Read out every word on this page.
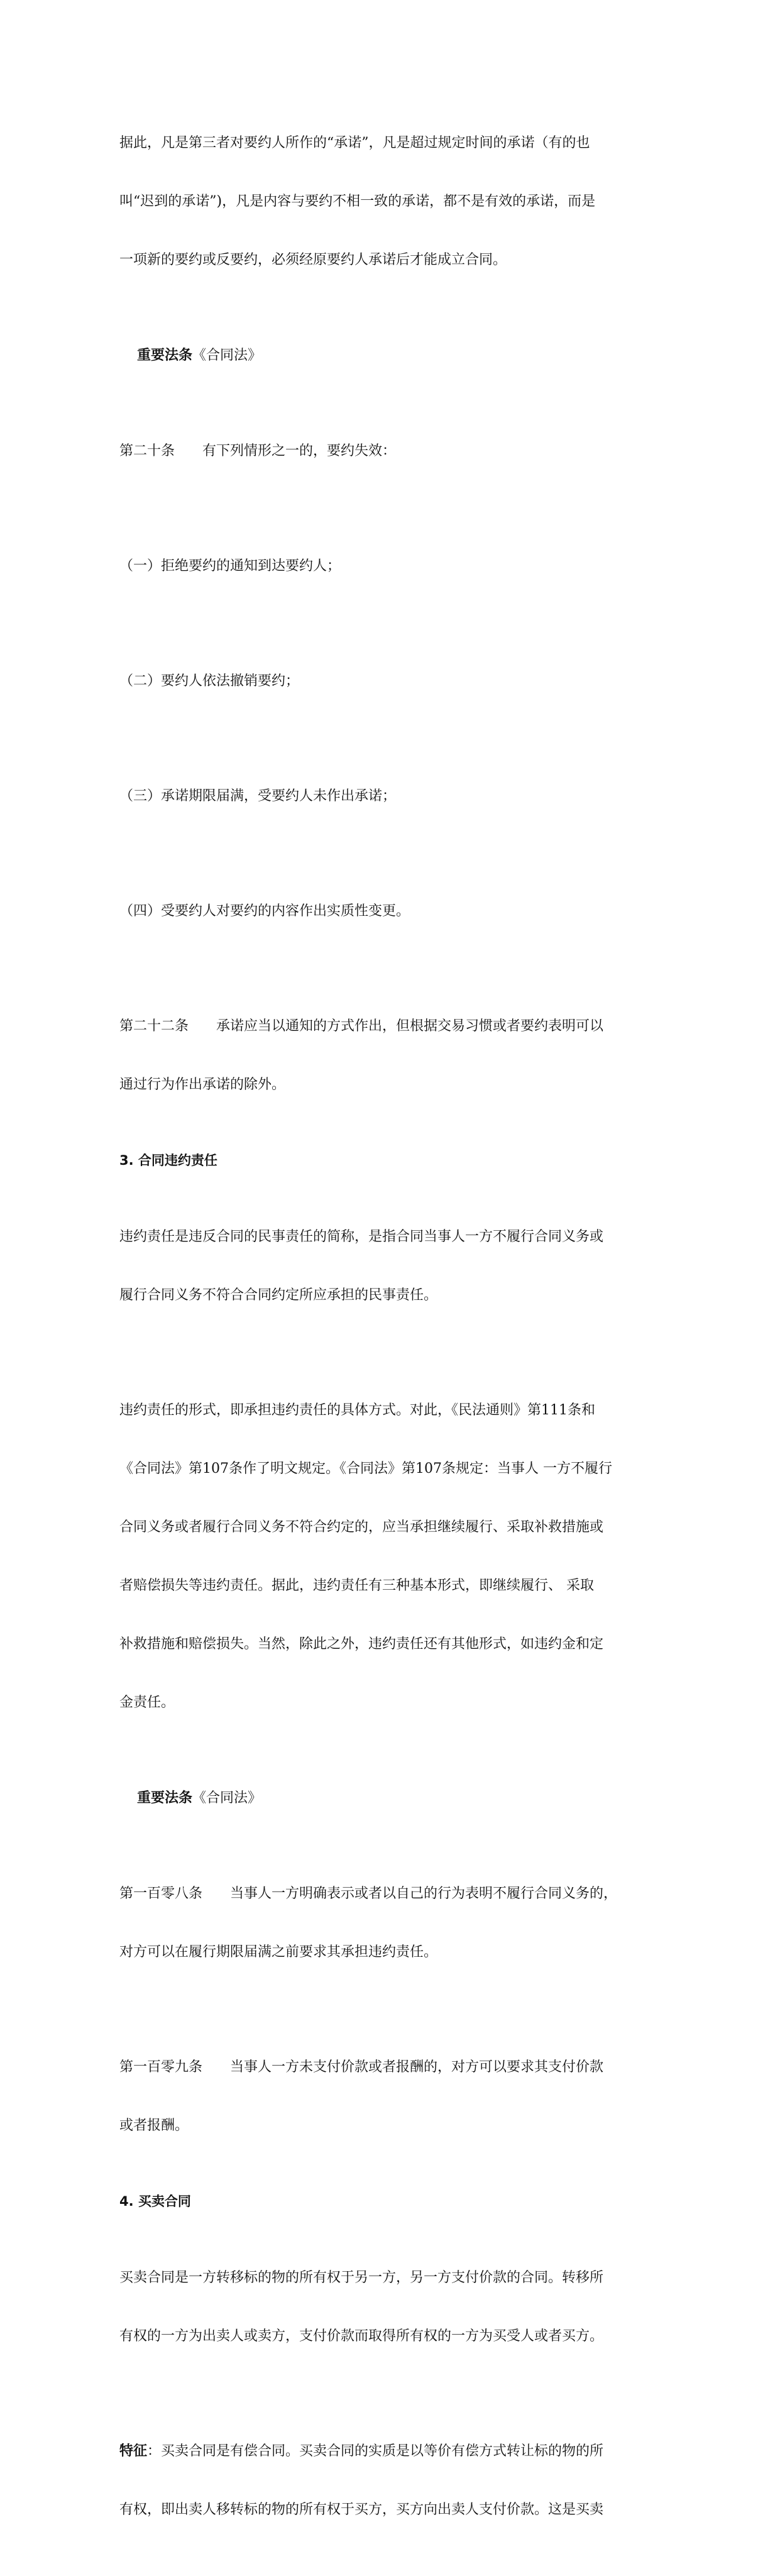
据此，凡是第三者对要约人所作的“承诺”，凡是超过规定时间的承诺（有的也

叫“迟到的承诺”)，凡是内容与要约不相一致的承诺，都不是有效的承诺，而是

一项新的要约或反要约，必须经原要约人承诺后才能成立合同。

重要法条《合同法》

第二十条　　有下列情形之一的，要约失效：

（一）拒绝要约的通知到达要约人；

（二）要约人依法撤销要约；

（三）承诺期限届满，受要约人未作出承诺；

（四）受要约人对要约的内容作出实质性变更。

第二十二条　　承诺应当以通知的方式作出，但根据交易习惯或者要约表明可以

通过行为作出承诺的除外。

3. 合同违约责任

违约责任是违反合同的民事责任的简称，是指合同当事人一方不履行合同义务或

履行合同义务不符合合同约定所应承担的民事责任。

违约责任的形式，即承担违约责任的具体方式。对此，《民法通则》第111条和

《合同法》第107条作了明文规定。《合同法》第107条规定：当事人 一方不履行

合同义务或者履行合同义务不符合约定的，应当承担继续履行、采取补救措施或

者赔偿损失等违约责任。据此，违约责任有三种基本形式，即继续履行、 采取

补救措施和赔偿损失。当然，除此之外，违约责任还有其他形式，如违约金和定

金责任。

重要法条《合同法》

第一百零八条　　当事人一方明确表示或者以自己的行为表明不履行合同义务的，

对方可以在履行期限届满之前要求其承担违约责任。

第一百零九条　　当事人一方未支付价款或者报酬的，对方可以要求其支付价款

或者报酬。

4. 买卖合同

买卖合同是一方转移标的物的所有权于另一方，另一方支付价款的合同。转移所

有权的一方为出卖人或卖方，支付价款而取得所有权的一方为买受人或者买方。

特征：买卖合同是有偿合同。买卖合同的实质是以等价有偿方式转让标的物的所

有权，即出卖人移转标的物的所有权于买方，买方向出卖人支付价款。这是买卖
